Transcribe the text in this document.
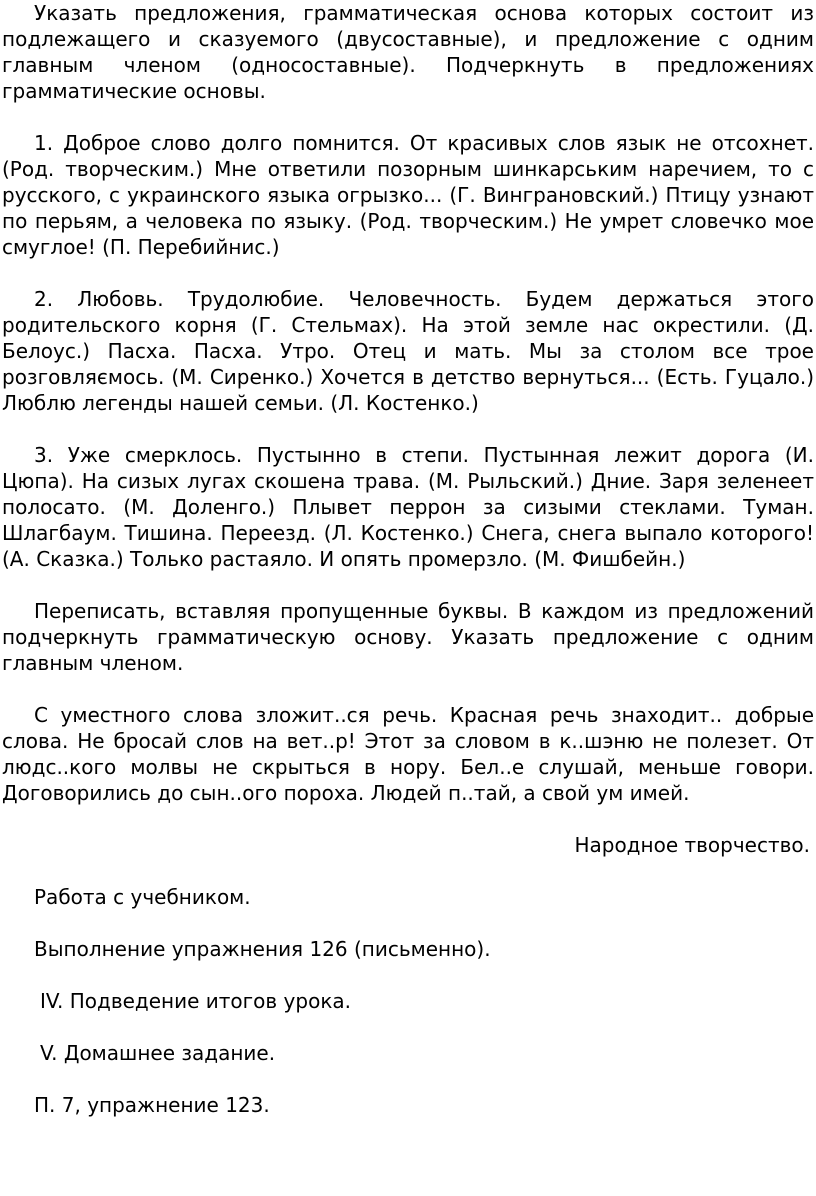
Указать предложения, грамматическая основа которых состоит из подлежащего и сказуемого (двусоставные), и предложение с одним главным членом (односоставные). Подчеркнуть в предложениях грамматические основы.

1. Доброе слово долго помнится. От красивых слов язык не отсохнет. (Род. творческим.) Мне ответили позорным шинкарським наречием, то с русского, с украинского языка огрызко... (Г. Винграновский.) Птицу узнают по перьям, а человека по языку. (Род. творческим.) Не умрет словечко мое смуглое! (П. Перебийнис.)

2. Любовь. Трудолюбие. Человечность. Будем держаться этого родительского корня (Г. Стельмах). На этой земле нас окрестили. (Д. Белоус.) Пасха. Пасха. Утро. Отец и мать. Мы за столом все трое розговляємось. (М. Сиренко.) Хочется в детство вернуться... (Есть. Гуцало.) Люблю легенды нашей семьи. (Л. Костенко.)

3. Уже смерклось. Пустынно в степи. Пустынная лежит дорога (И. Цюпа). На сизых лугах скошена трава. (М. Рыльский.) Дние. Заря зеленеет полосато. (М. Доленго.) Плывет перрон за сизыми стеклами. Туман. Шлагбаум. Тишина. Переезд. (Л. Костенко.) Снега, снега выпало которого! (А. Сказка.) Только растаяло. И опять промерзло. (М. Фишбейн.)

Переписать, вставляя пропущенные буквы. В каждом из предложений подчеркнуть грамматическую основу. Указать предложение с одним главным членом.

С уместного слова зложит..ся речь. Красная речь знаходит.. добрые слова. Не бросай слов на вет..р! Этот за словом в к..шэню не полезет. От людс..кого молвы не скрыться в нору. Бел..е слушай, меньше говори. Договорились до сын..ого пороха. Людей п..тай, а свой ум имей.

Народное творчество.

Работа с учебником.

Выполнение упражнения 126 (письменно).

IV. Подведение итогов урока.

V. Домашнее задание.

П. 7, упражнение 123.
